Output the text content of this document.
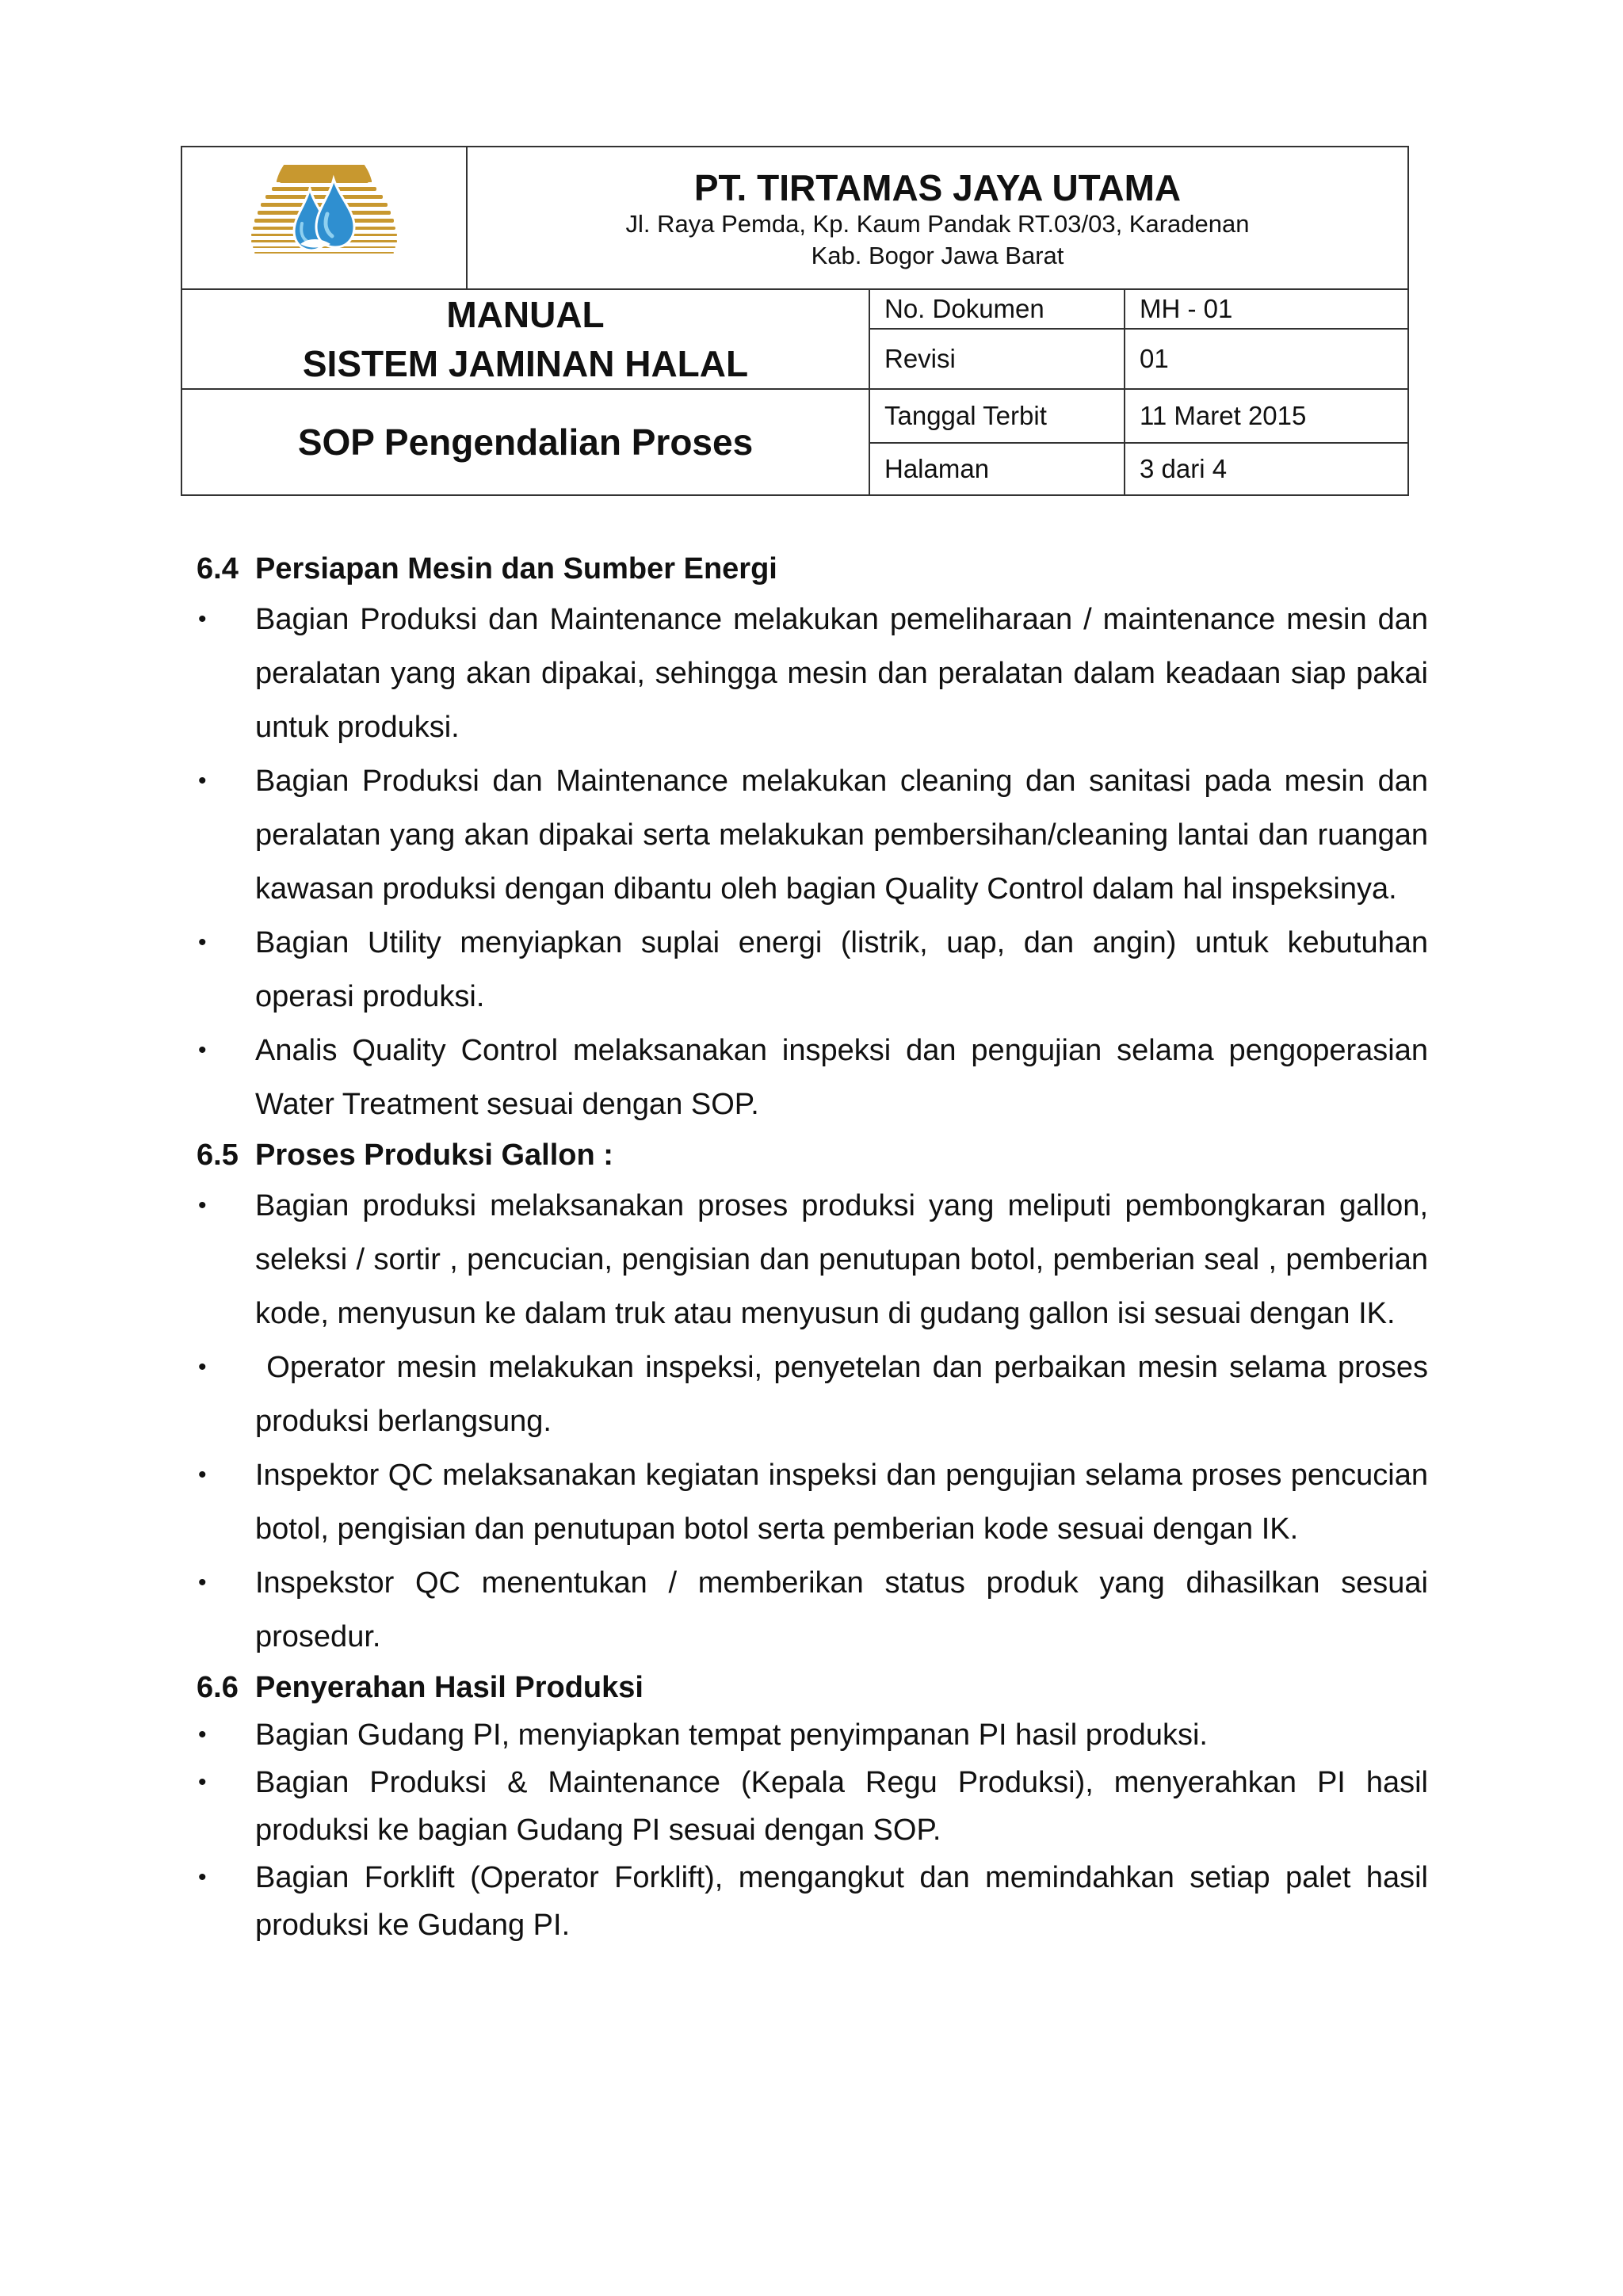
PT. TIRTAMAS JAYA UTAMA
Jl. Raya Pemda, Kp. Kaum Pandak RT.03/03, Karadenan
Kab. Bogor Jawa Barat		

MANUAL
SISTEM JAMINAN HALAL		No. Dokumen	MH - 01
		Revisi	01

SOP Pengendalian Proses		Tanggal Terbit	11 Maret 2015
		Halaman	3 dari 4
6.4 Persiapan Mesin dan Sumber Energi
• Bagian Produksi dan Maintenance melakukan pemeliharaan / maintenance mesin dan peralatan yang akan dipakai, sehingga mesin dan peralatan dalam keadaan siap pakai untuk produksi.
• Bagian Produksi dan Maintenance melakukan cleaning dan sanitasi pada mesin dan peralatan yang akan dipakai serta melakukan pembersihan/cleaning lantai dan ruangan kawasan produksi dengan dibantu oleh bagian Quality Control dalam hal inspeksinya.
• Bagian Utility menyiapkan suplai energi (listrik, uap, dan angin) untuk kebutuhan operasi produksi.
• Analis Quality Control melaksanakan inspeksi dan pengujian selama pengoperasian Water Treatment sesuai dengan SOP.
6.5 Proses Produksi Gallon :
• Bagian produksi melaksanakan proses produksi yang meliputi pembongkaran gallon, seleksi / sortir , pencucian, pengisian dan penutupan botol, pemberian seal , pemberian kode, menyusun ke dalam truk atau menyusun di gudang gallon isi sesuai dengan IK.
• Operator mesin melakukan inspeksi, penyetelan dan perbaikan mesin selama proses produksi berlangsung.
• Inspektor QC melaksanakan kegiatan inspeksi dan pengujian selama proses pencucian botol, pengisian dan penutupan botol serta pemberian kode sesuai dengan IK.
• Inspekstor QC menentukan / memberikan status produk yang dihasilkan sesuai prosedur.
6.6 Penyerahan Hasil Produksi
• Bagian Gudang PI, menyiapkan tempat penyimpanan PI hasil produksi.
• Bagian Produksi & Maintenance (Kepala Regu Produksi), menyerahkan PI hasil produksi ke bagian Gudang PI sesuai dengan SOP.
• Bagian Forklift (Operator Forklift), mengangkut dan memindahkan setiap palet hasil produksi ke Gudang PI.
